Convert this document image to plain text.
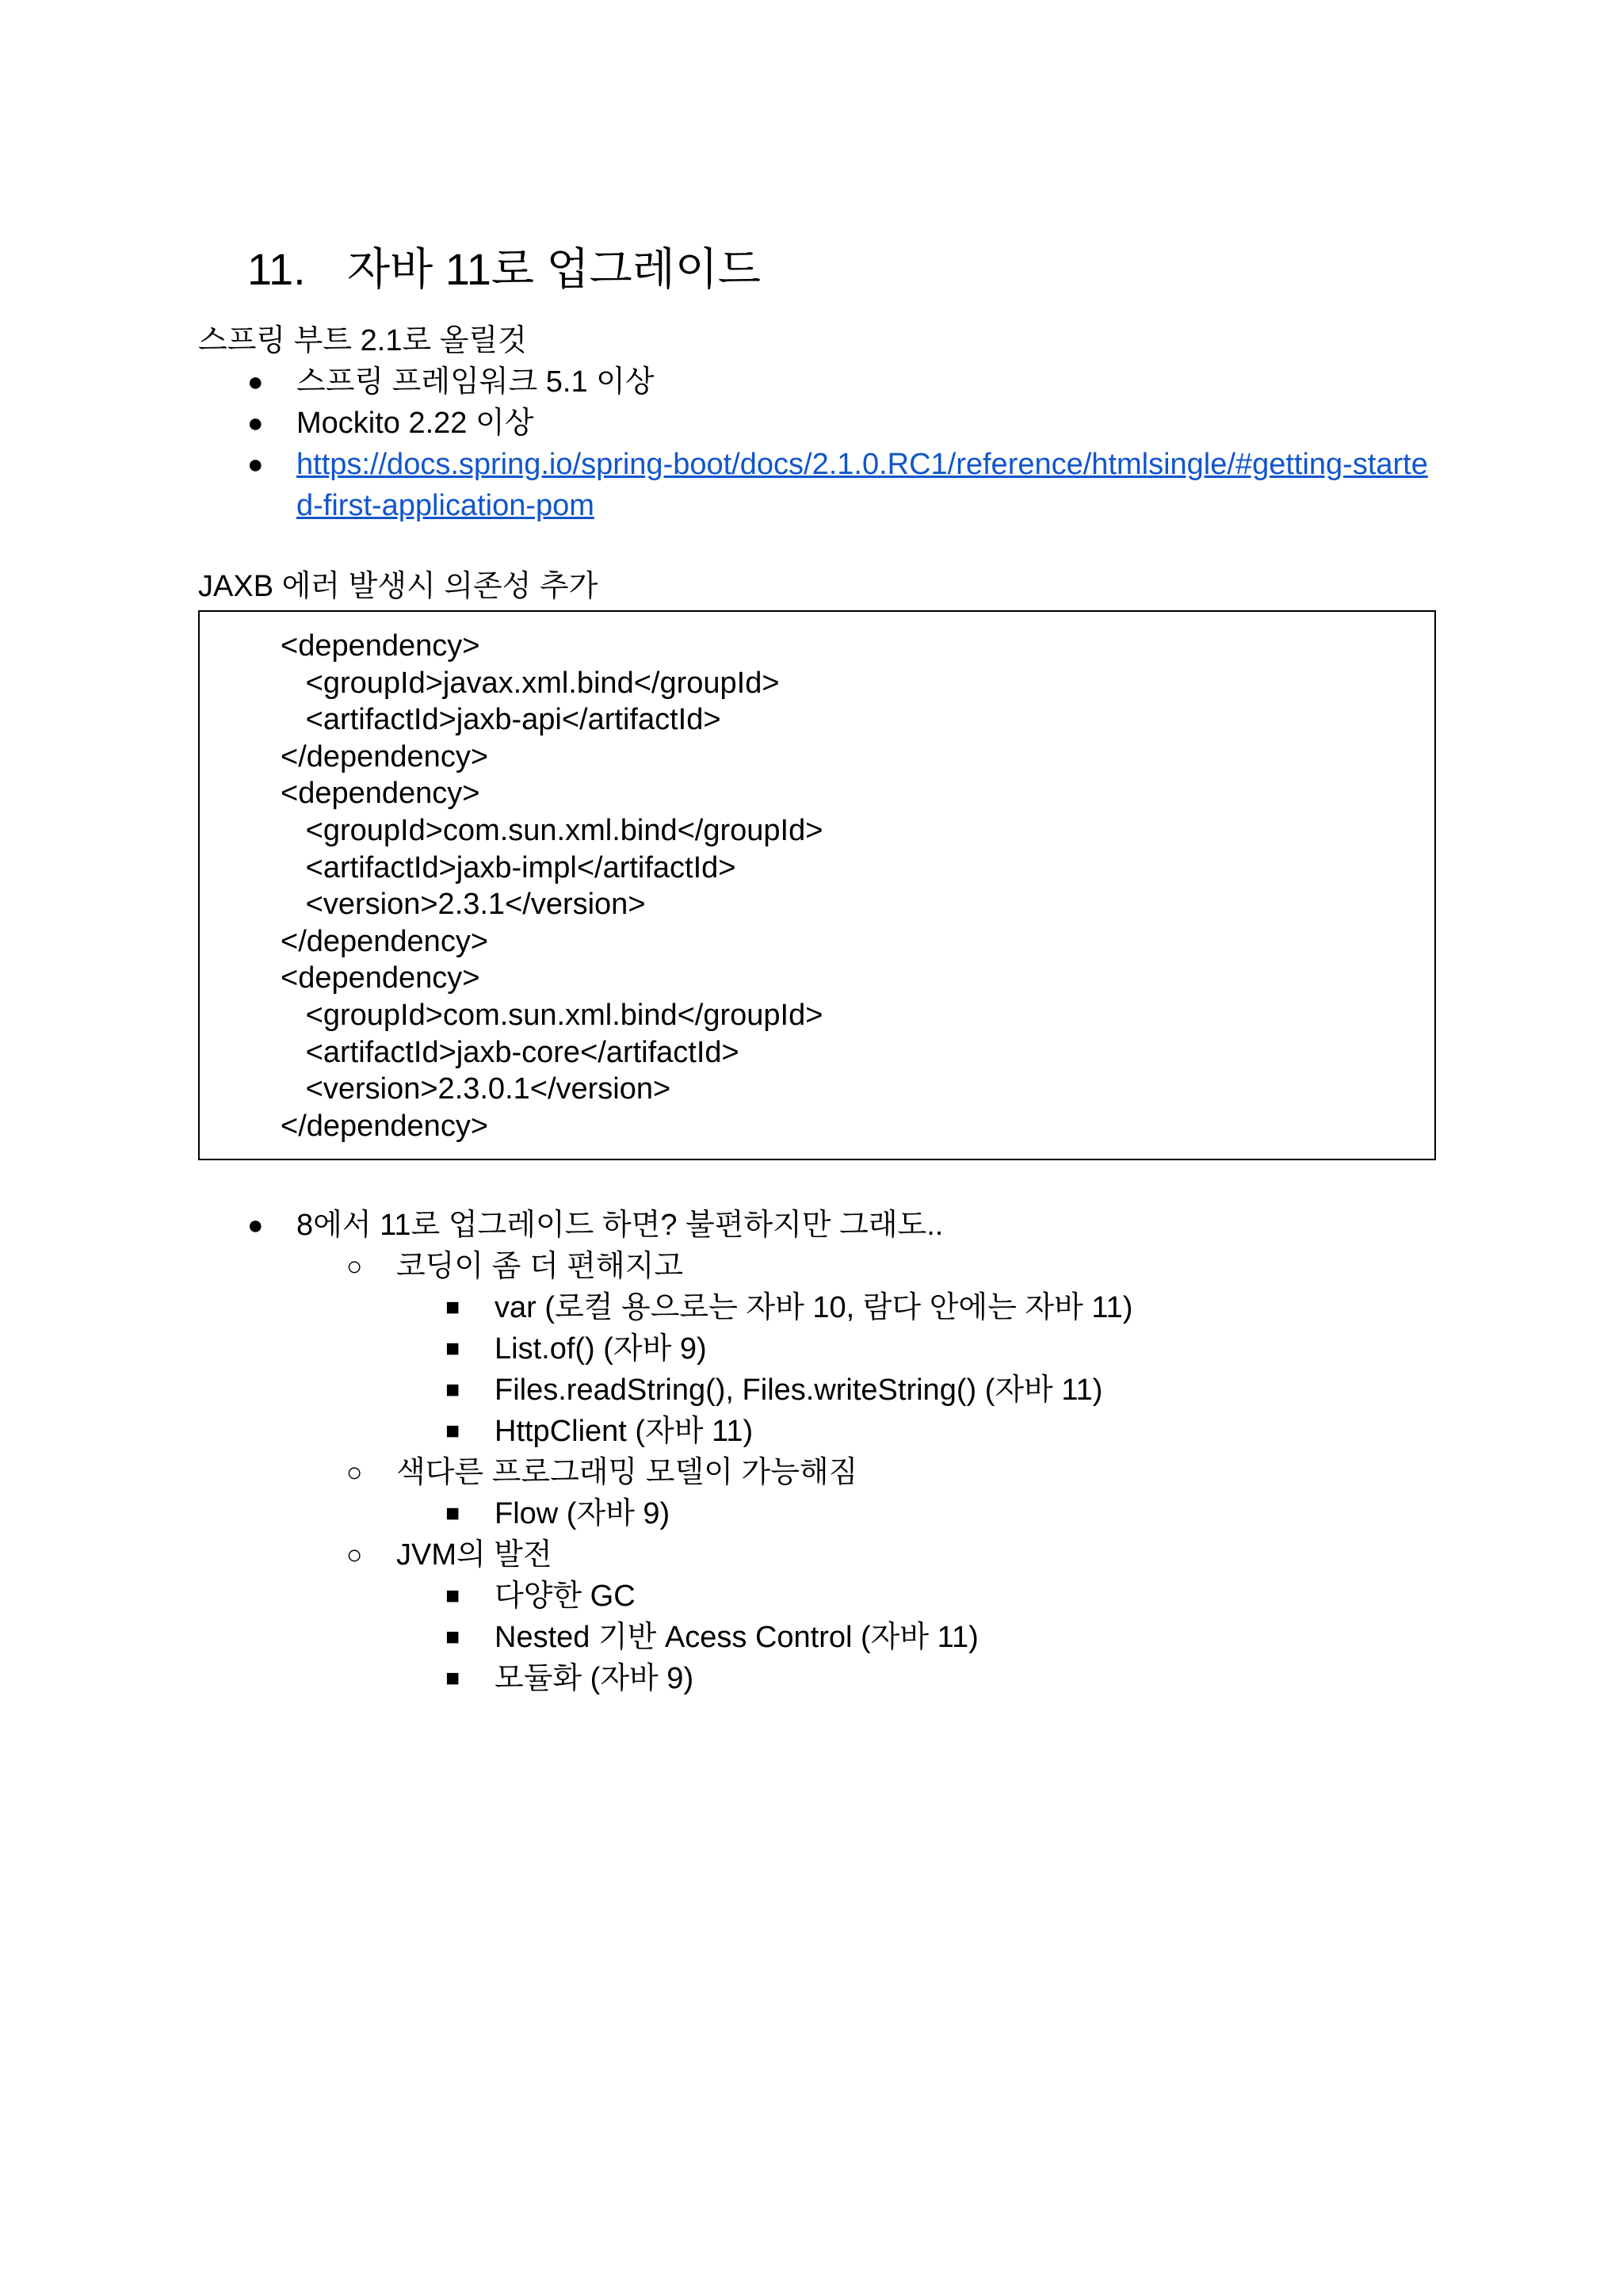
11. 자바 11로 업그레이드
스프링 부트 2.1로 올릴것
● 스프링 프레임워크 5.1 이상
● Mockito 2.22 이상
● https://docs.spring.io/spring-boot/docs/2.1.0.RC1/reference/htmlsingle/#getting-starte
d-first-application-pom
JAXB 에러 발생시 의존성 추가
<dependency>
<groupId>javax.xml.bind</groupId>
<artifactId>jaxb-api</artifactId>
</dependency>
<dependency>
<groupId>com.sun.xml.bind</groupId>
<artifactId>jaxb-impl</artifactId>
<version>2.3.1</version>
</dependency>
<dependency>
<groupId>com.sun.xml.bind</groupId>
<artifactId>jaxb-core</artifactId>
<version>2.3.0.1</version>
</dependency>
● 8에서 11로 업그레이드 하면? 불편하지만 그래도..
○ 코딩이 좀 더 편해지고
■ var (로컬 용으로는 자바 10, 람다 안에는 자바 11)
■ List.of() (자바 9)
■ Files.readString(), Files.writeString() (자바 11)
■ HttpClient (자바 11)
○ 색다른 프로그래밍 모델이 가능해짐
■ Flow (자바 9)
○ JVM의 발전
■ 다양한 GC
■ Nested 기반 Acess Control (자바 11)
■ 모듈화 (자바 9)
